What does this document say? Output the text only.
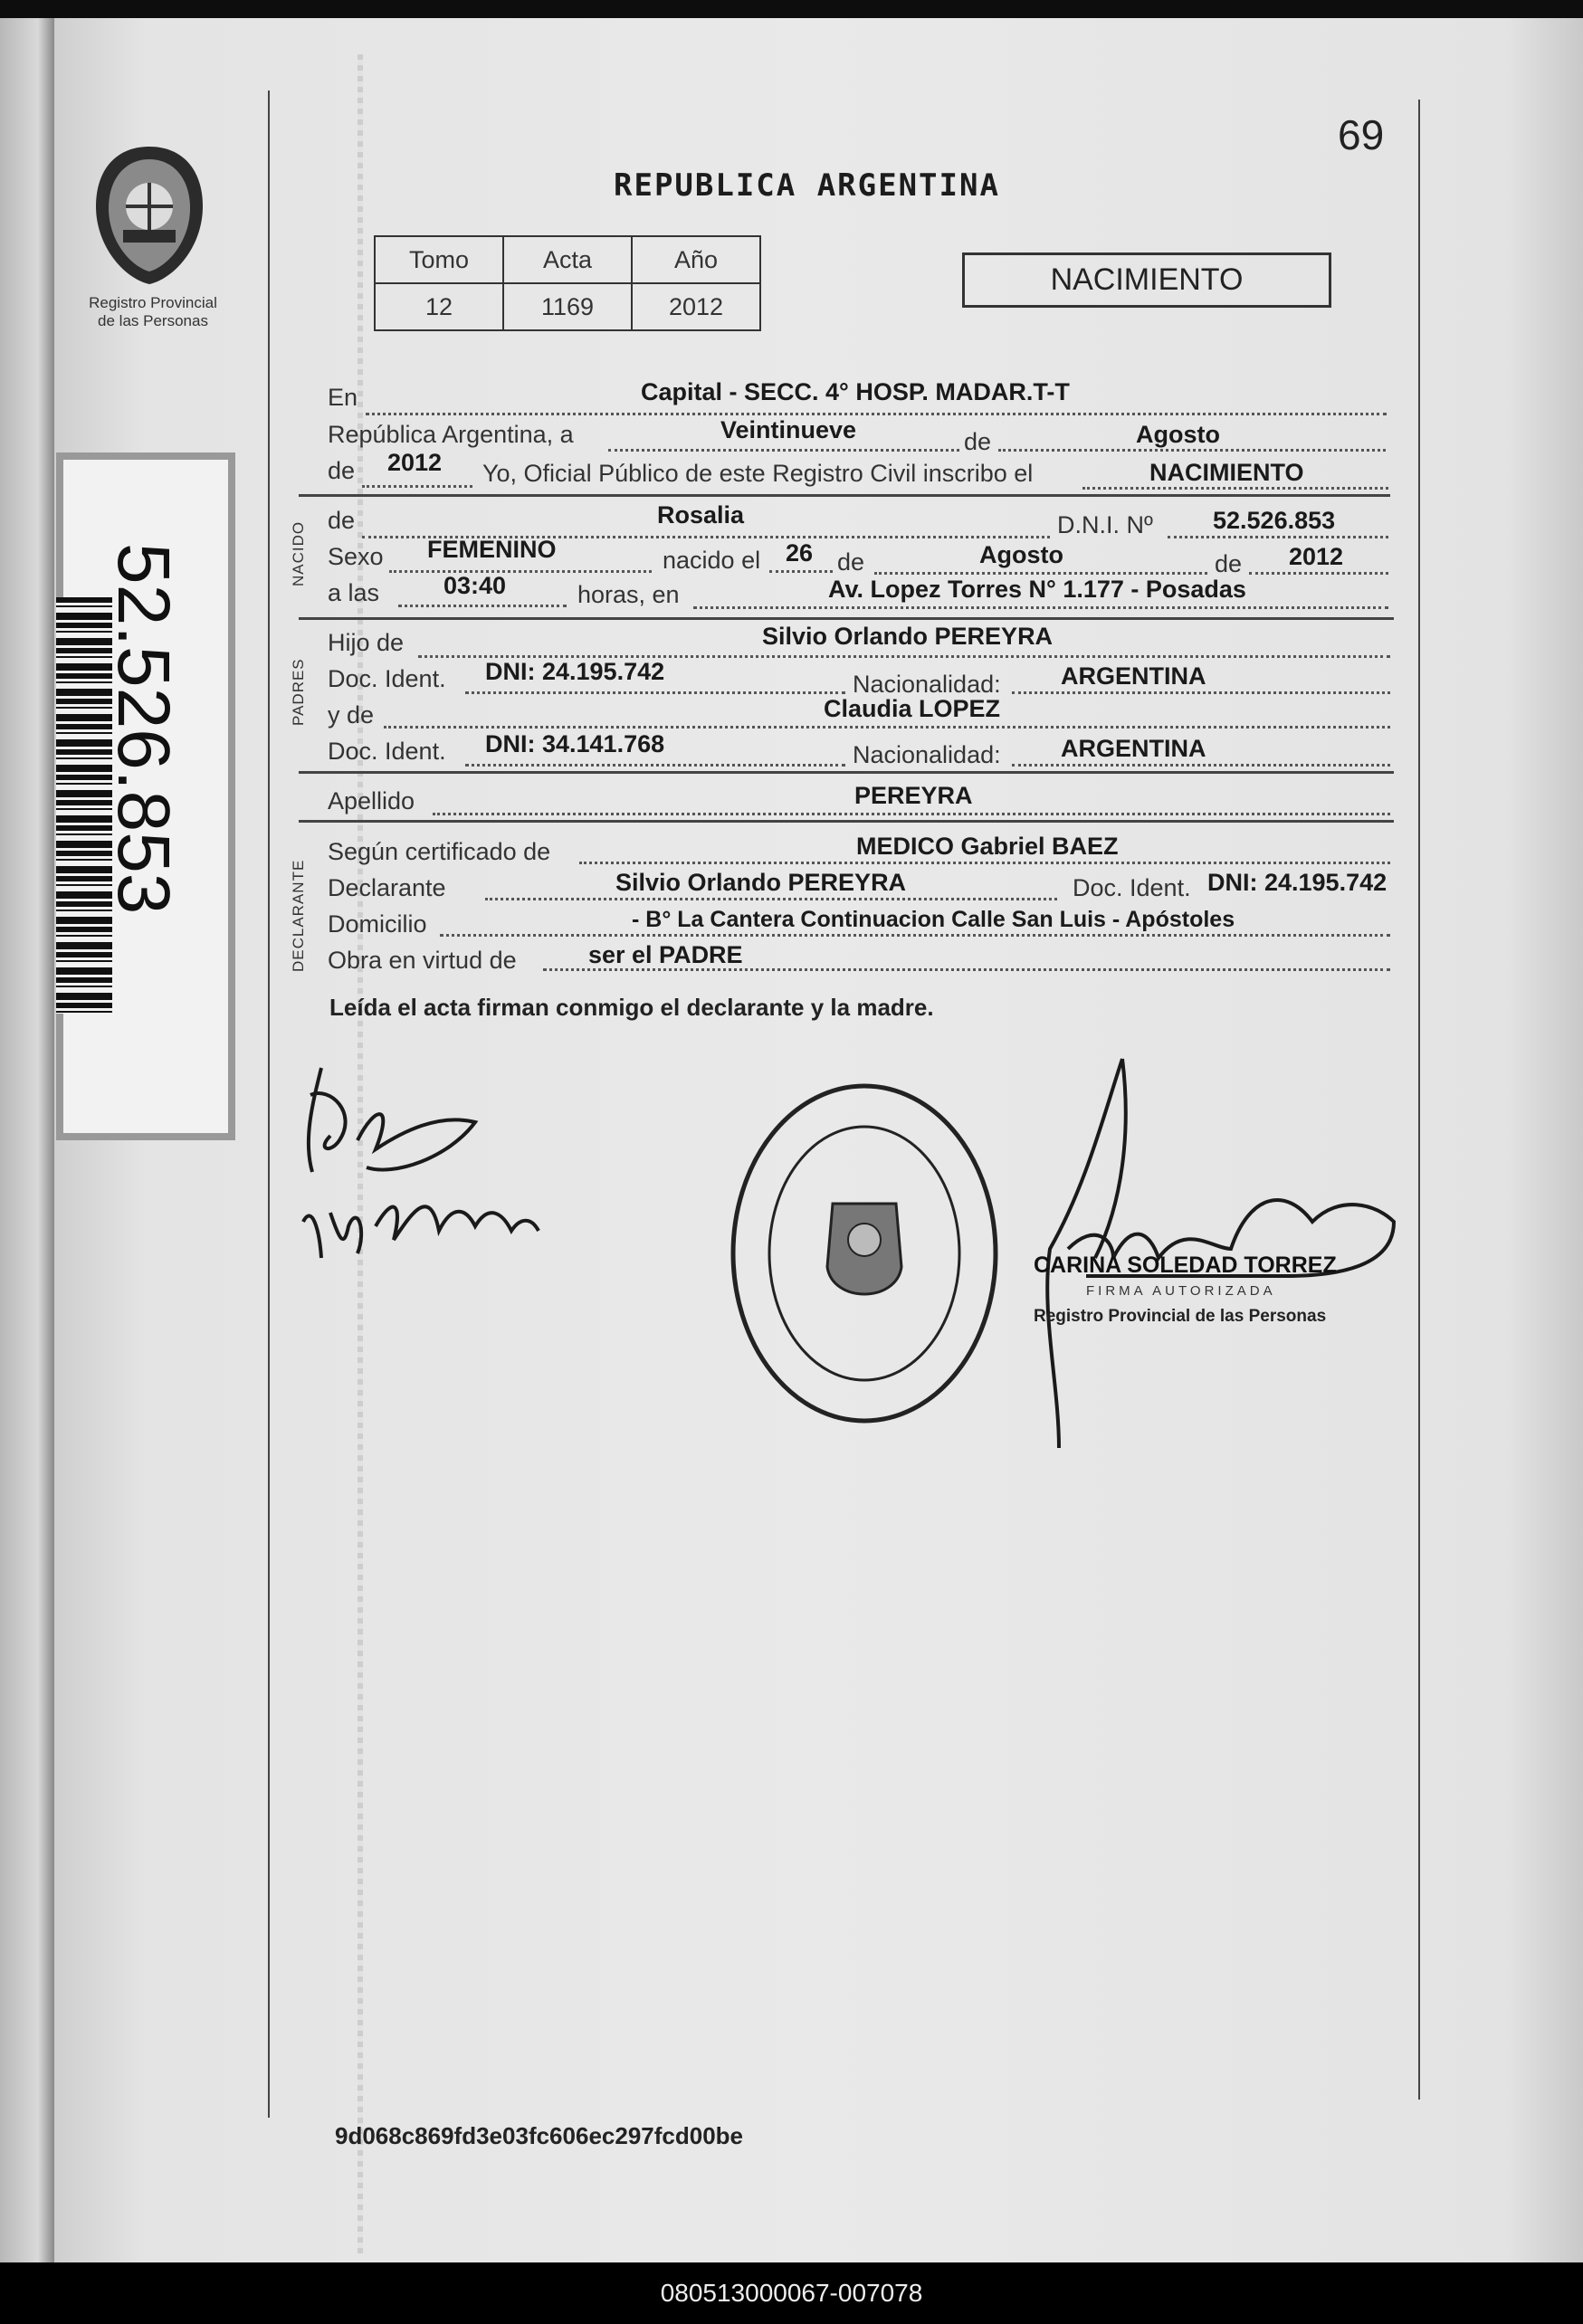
Registro Provincial
de las Personas
52.526.853
69
REPUBLICA ARGENTINA
Tomo	Acta	Año
12	1169	2012
NACIMIENTO
En	Capital - SECC. 4° HOSP. MADAR.T-T
República Argentina, a	Veintinueve	de	Agosto
de 2012 Yo, Oficial Público de este Registro Civil inscribo el	NACIMIENTO
NACIDO
de	Rosalia	D.N.I. Nº 52.526.853
Sexo FEMENINO	nacido el 26 de	Agosto	de 2012
a las	03:40	horas, en	Av. Lopez Torres N° 1.177 - Posadas
PADRES
Hijo de	Silvio Orlando PEREYRA
Doc. Ident. DNI: 24.195.742	Nacionalidad: ARGENTINA
y de	Claudia LOPEZ
Doc. Ident. DNI: 34.141.768	Nacionalidad: ARGENTINA
Apellido	PEREYRA
DECLARANTE
Según certificado de	MEDICO Gabriel BAEZ
Declarante	Silvio Orlando PEREYRA	Doc. Ident. DNI: 24.195.742
Domicilio	- B° La Cantera Continuacion Calle San Luis - Apóstoles
Obra en virtud de	ser el PADRE
Leída el acta firman conmigo el declarante y la madre.
CARINA SOLEDAD TORREZ
FIRMA AUTORIZADA
Registro Provincial de las Personas
9d068c869fd3e03fc606ec297fcd00be
080513000067-007078
